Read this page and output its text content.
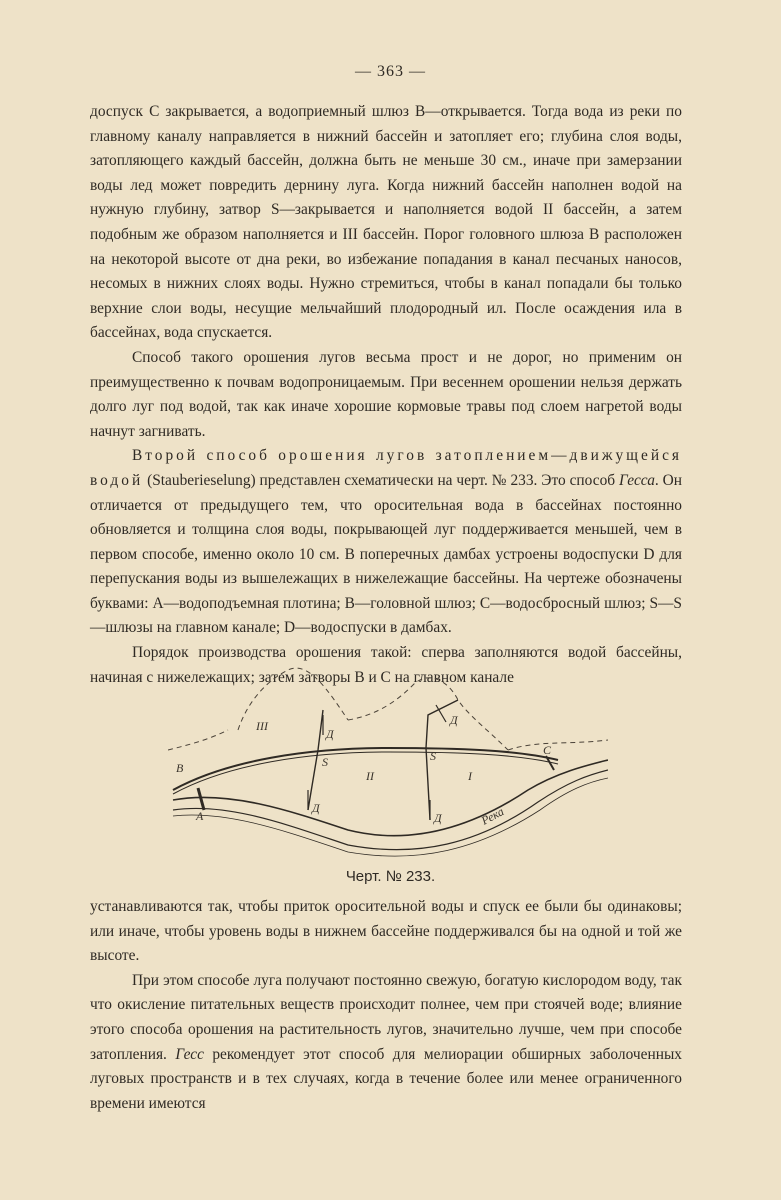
— 363 —

доспуск С закрывается, а водоприемный шлюз В—открывается. Тогда вода из реки по главному каналу направляется в нижний бассейн и затопляет его; глубина слоя воды, затопляющего каждый бассейн, должна быть не меньше 30 см., иначе при замерзании воды лед может повредить дернину луга. Когда нижний бассейн наполнен водой на нужную глубину, затвор S—закрывается и наполняется водой II бассейн, а затем подобным же образом наполняется и III бассейн. Порог головного шлюза В расположен на некоторой высоте от дна реки, во избежание попадания в канал песчаных наносов, несомых в нижних слоях воды. Нужно стремиться, чтобы в канал попадали бы только верхние слои воды, несущие мельчайший плодородный ил. После осаждения ила в бассейнах, вода спускается.

Способ такого орошения лугов весьма прост и не дорог, но применим он преимущественно к почвам водопроницаемым. При весеннем орошении нельзя держать долго луг под водой, так как иначе хорошие кормовые травы под слоем нагретой воды начнут загнивать.

Второй способ орошения лугов затоплением—движущейся водой (Stauberieselung) представлен схематически на черт. № 233. Это способ Гесса. Он отличается от предыдущего тем, что оросительная вода в бассейнах постоянно обновляется и толщина слоя воды, покрывающей луг поддерживается меньшей, чем в первом способе, именно около 10 см. В поперечных дамбах устроены водоспуски D для перепускания воды из вышележащих в нижележащие бассейны. На чертеже обозначены буквами: А—водоподъемная плотина; В—головной шлюз; С—водосбросный шлюз; S—S —шлюзы на главном канале; D—водоспуски в дамбах.

Порядок производства орошения такой: сперва заполняются водой бассейны, начиная с нижележащих; затем затворы В и С на главном канале

III
II	I
B
A
C
S	S
Д
Д
Д
Д	Река
Черт. № 233.

устанавливаются так, чтобы приток оросительной воды и спуск ее были бы одинаковы; или иначе, чтобы уровень воды в нижнем бассейне поддерживался бы на одной и той же высоте.

При этом способе луга получают постоянно свежую, богатую кислородом воду, так что окисление питательных веществ происходит полнее, чем при стоячей воде; влияние этого способа орошения на растительность лугов, значительно лучше, чем при способе затопления. Гесс рекомендует этот способ для мелиорации обширных заболоченных луговых пространств и в тех случаях, когда в течение более или менее ограниченного времени имеются
